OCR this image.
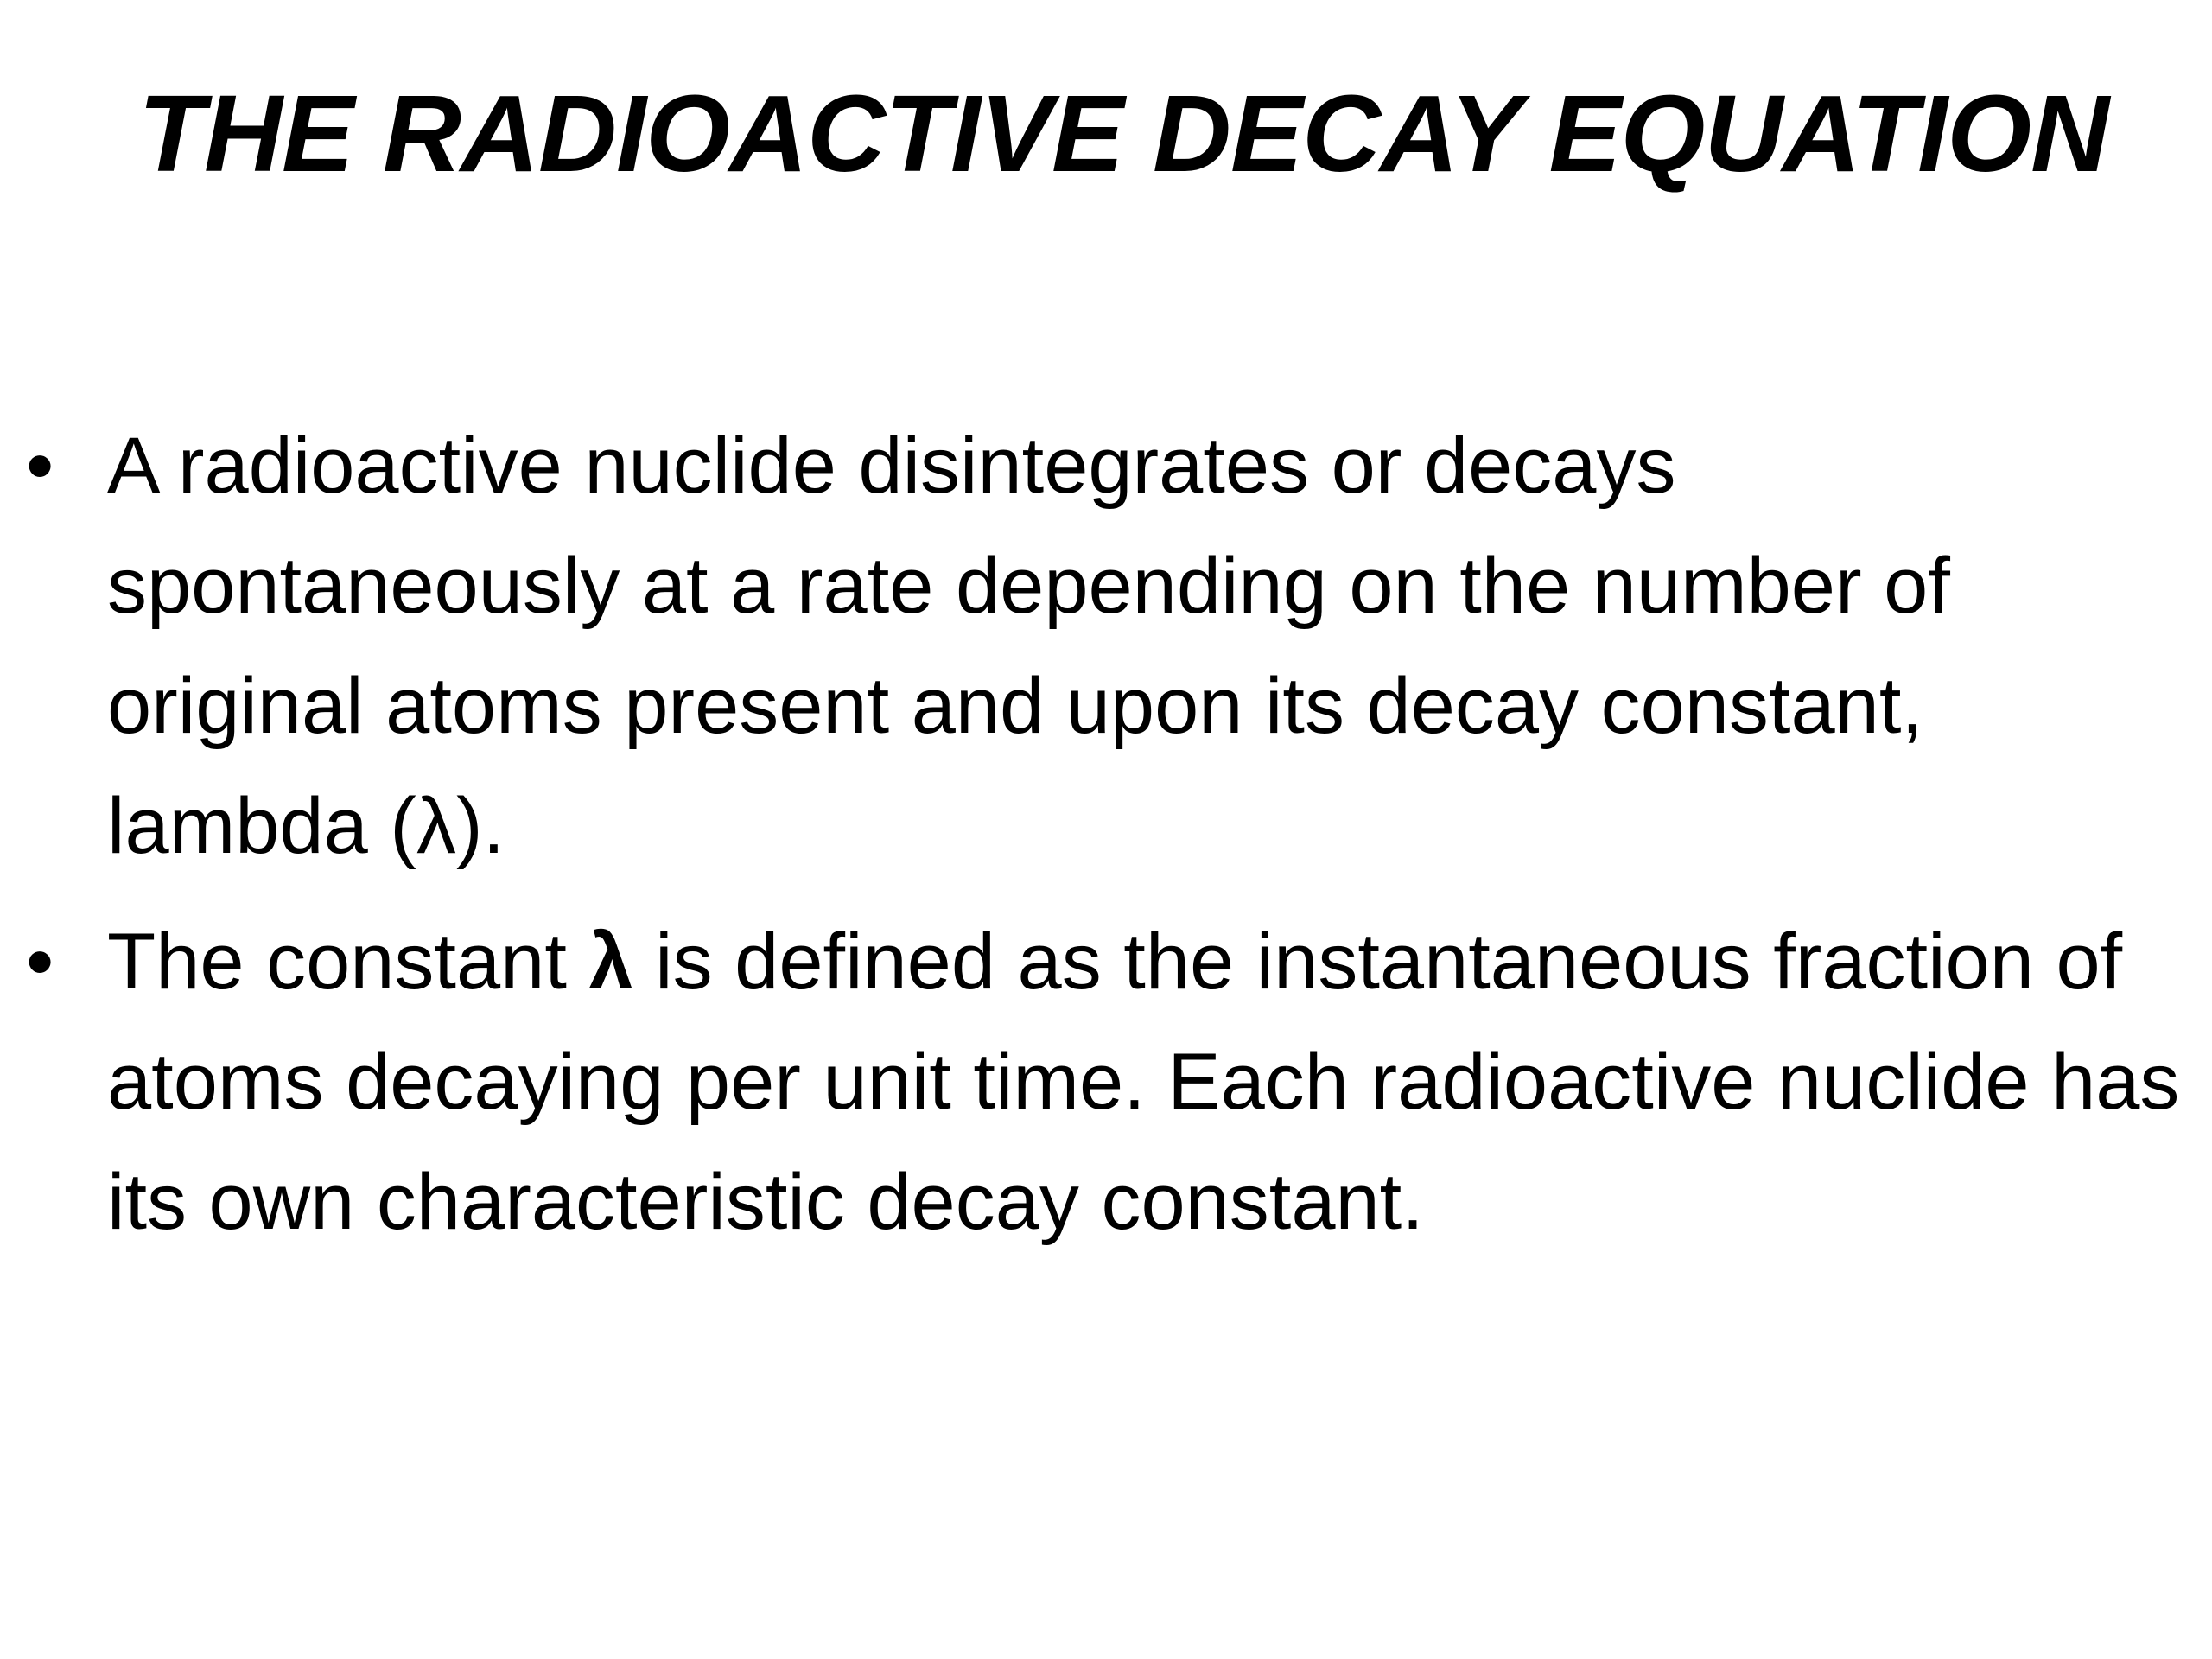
THE RADIOACTIVE DECAY EQUATION
• A radioactive nuclide disintegrates or decays spontaneously at a rate depending on the number of original atoms present and upon its decay constant, lambda (λ).
• The constant λ is defined as the instantaneous fraction of atoms decaying per unit time. Each radioactive nuclide has its own characteristic decay constant.
